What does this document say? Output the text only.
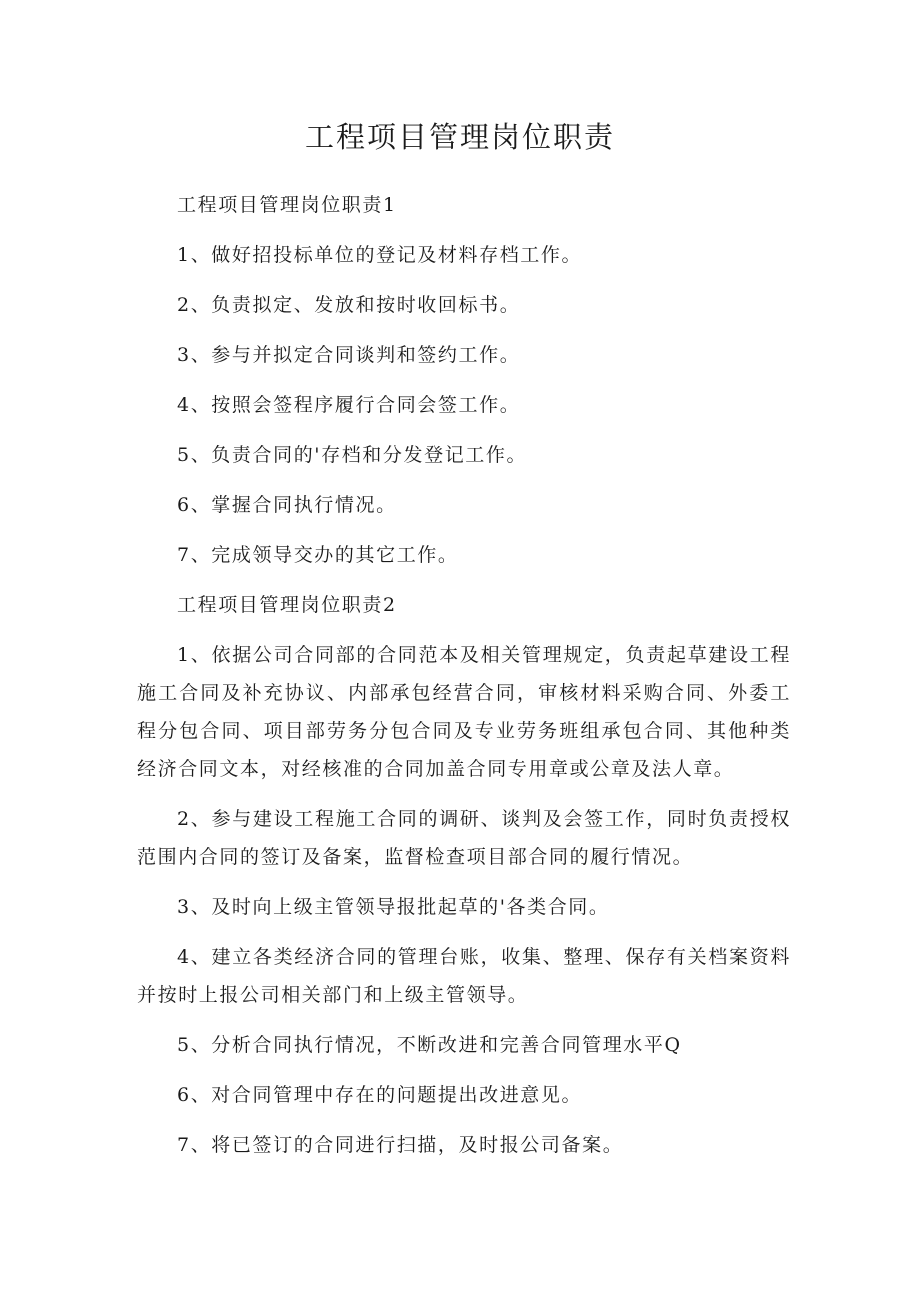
工程项目管理岗位职责

工程项目管理岗位职责1

1、做好招投标单位的登记及材料存档工作。

2、负责拟定、发放和按时收回标书。

3、参与并拟定合同谈判和签约工作。

4、按照会签程序履行合同会签工作。

5、负责合同的'存档和分发登记工作。

6、掌握合同执行情况。

7、完成领导交办的其它工作。

工程项目管理岗位职责2

1、依据公司合同部的合同范本及相关管理规定，负责起草建设工程施工合同及补充协议、内部承包经营合同，审核材料采购合同、外委工程分包合同、项目部劳务分包合同及专业劳务班组承包合同、其他种类经济合同文本，对经核准的合同加盖合同专用章或公章及法人章。

2、参与建设工程施工合同的调研、谈判及会签工作，同时负责授权范围内合同的签订及备案，监督检查项目部合同的履行情况。

3、及时向上级主管领导报批起草的'各类合同。

4、建立各类经济合同的管理台账，收集、整理、保存有关档案资料并按时上报公司相关部门和上级主管领导。

5、分析合同执行情况，不断改进和完善合同管理水平Q

6、对合同管理中存在的问题提出改进意见。

7、将已签订的合同进行扫描，及时报公司备案。
